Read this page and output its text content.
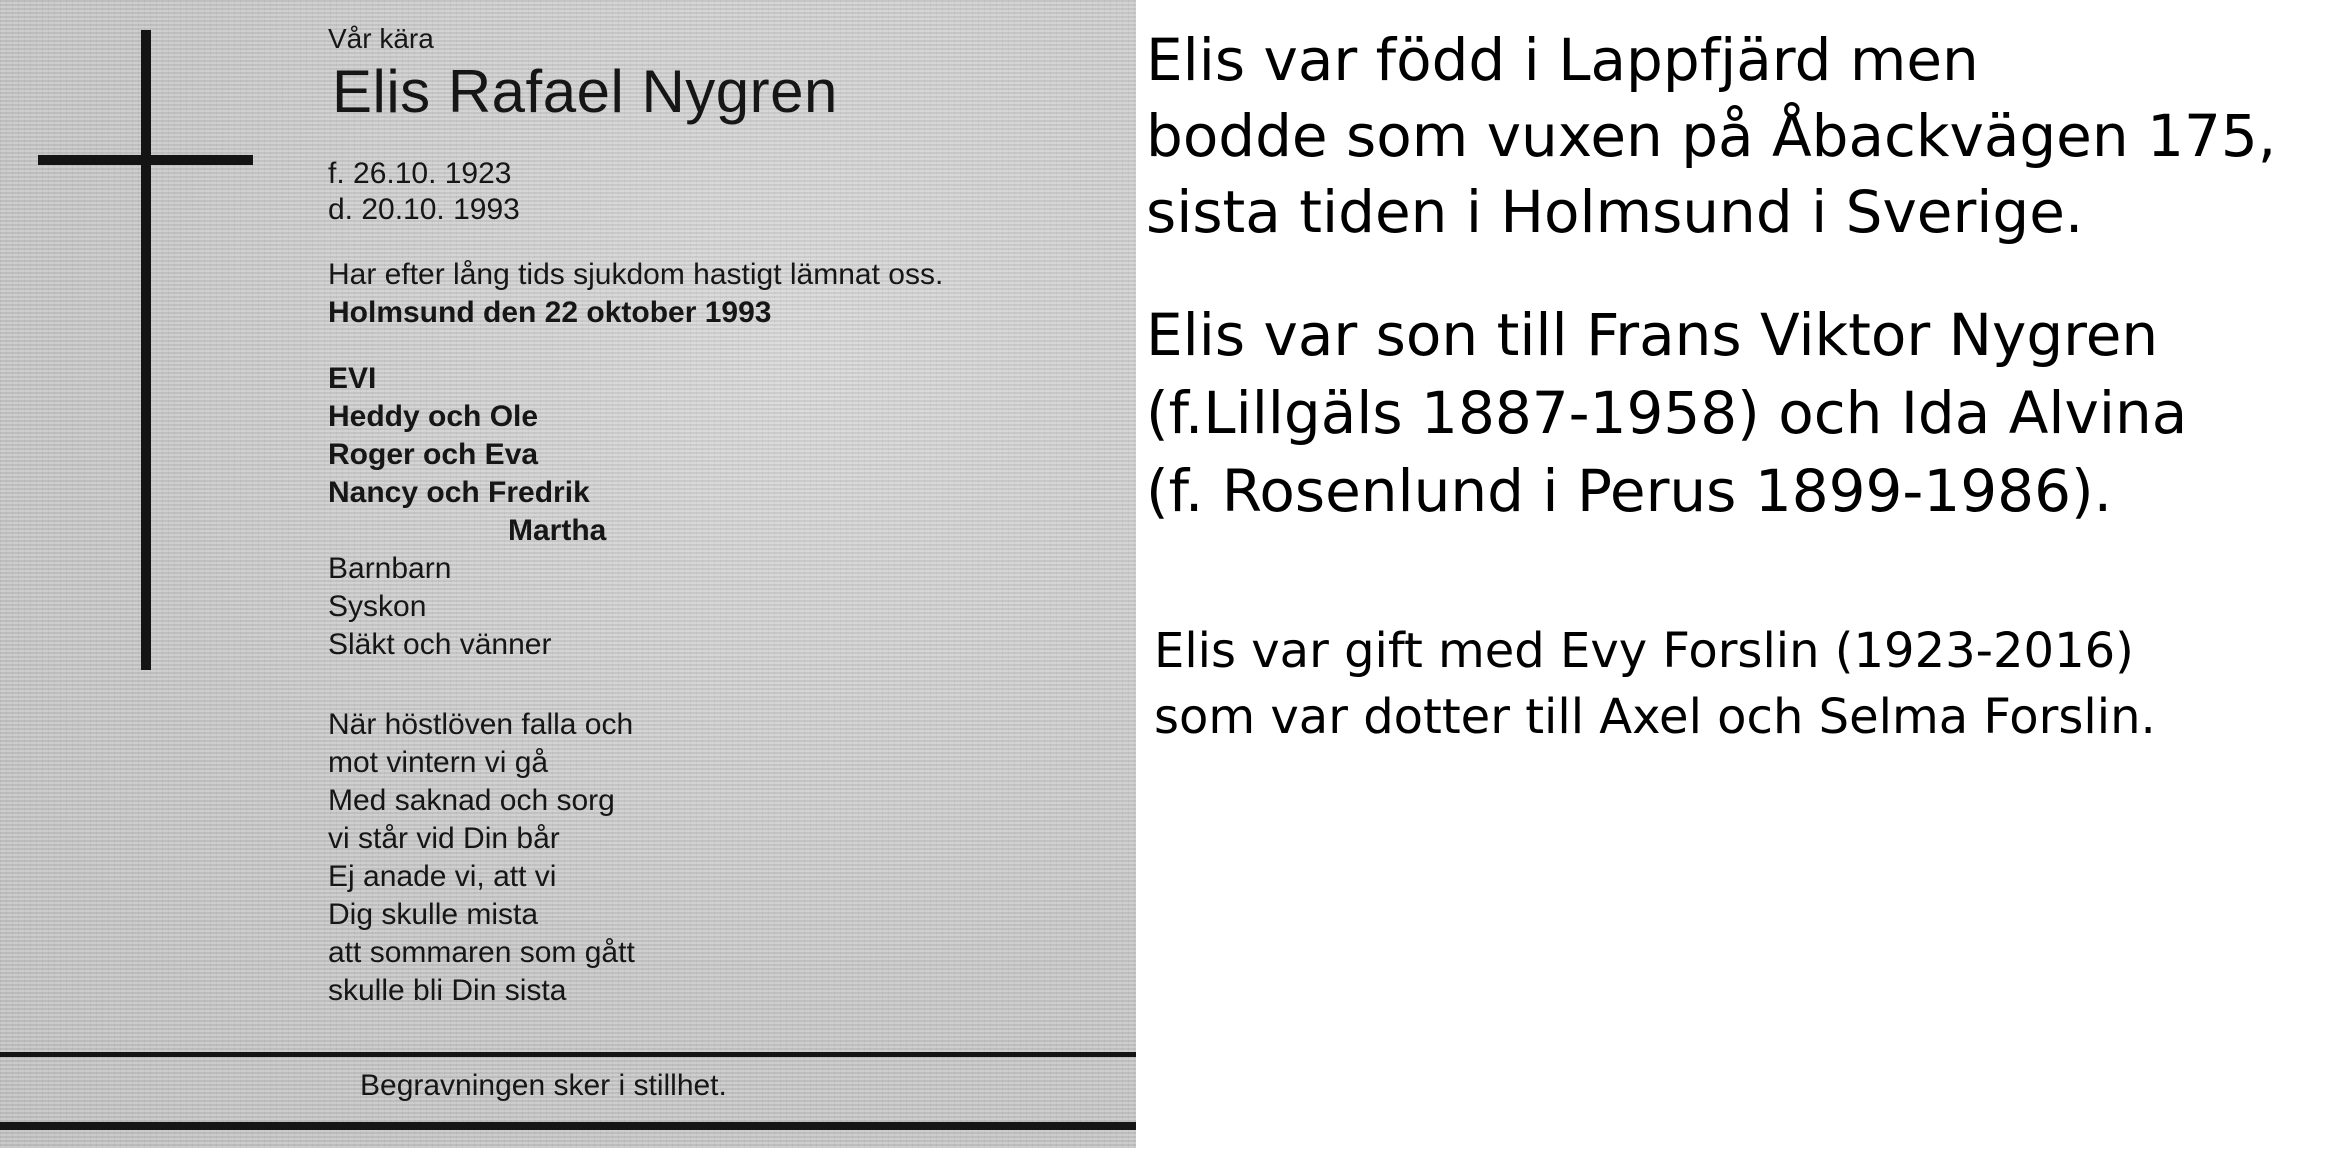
Vår kära

Elis Rafael Nygren
f. 26.10. 1923
d. 20.10. 1993
Har efter lång tids sjukdom hastigt lämnat oss.
Holmsund den 22 oktober 1993
EVI
Heddy och Ole
Roger och Eva
Nancy och Fredrik
Martha
Barnbarn
Syskon
Släkt och vänner
När höstlöven falla och
mot vintern vi gå
Med saknad och sorg
vi står vid Din bår
Ej anade vi, att vi
Dig skulle mista
att sommaren som gått
skulle bli Din sista
Begravningen sker i stillhet.

Elis var född i Lappfjärd men
bodde som vuxen på Åbackvägen 175,
sista tiden i Holmsund i Sverige.

Elis var son till Frans Viktor Nygren
(f.Lillgäls 1887-1958) och Ida Alvina
(f. Rosenlund i Perus 1899-1986).

Elis var gift med Evy Forslin (1923-2016)
som var dotter till Axel och Selma Forslin.
